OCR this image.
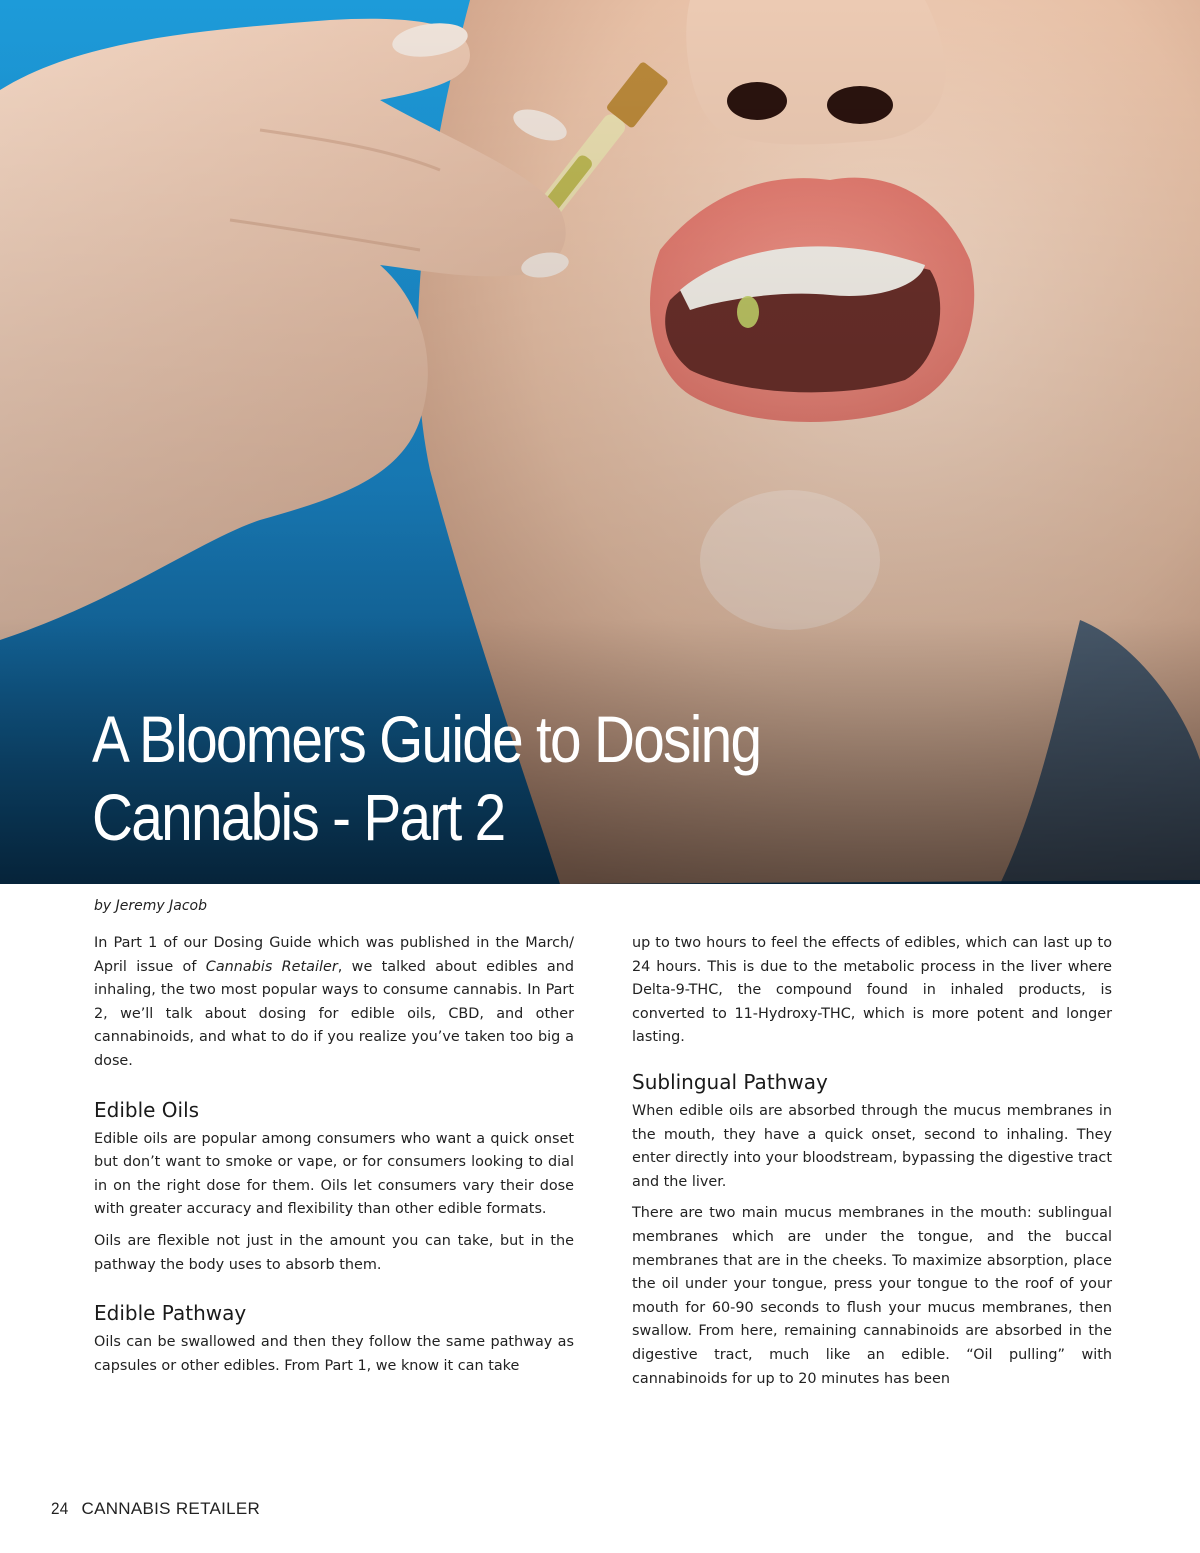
A Bloomers Guide to Dosing
Cannabis - Part 2
by Jeremy Jacob

In Part 1 of our Dosing Guide which was published in the March/ April issue of Cannabis Retailer, we talked about edibles and inhaling, the two most popular ways to consume cannabis. In Part 2, we’ll talk about dosing for edible oils, CBD, and other cannabinoids, and what to do if you realize you’ve taken too big a dose.

Edible Oils

Edible oils are popular among consumers who want a quick onset but don’t want to smoke or vape, or for consumers looking to dial in on the right dose for them. Oils let consumers vary their dose with greater accuracy and flexibility than other edible formats.

Oils are flexible not just in the amount you can take, but in the pathway the body uses to absorb them.

Edible Pathway

Oils can be swallowed and then they follow the same pathway as capsules or other edibles. From Part 1, we know it can take

up to two hours to feel the effects of edibles, which can last up to 24 hours. This is due to the metabolic process in the liver where Delta-9-THC, the compound found in inhaled products, is converted to 11-Hydroxy-THC, which is more potent and longer lasting.

Sublingual Pathway

When edible oils are absorbed through the mucus membranes in the mouth, they have a quick onset, second to inhaling. They enter directly into your bloodstream, bypassing the digestive tract and the liver.

There are two main mucus membranes in the mouth: sublingual membranes which are under the tongue, and the buccal membranes that are in the cheeks. To maximize absorption, place the oil under your tongue, press your tongue to the roof of your mouth for 60-90 seconds to flush your mucus membranes, then swallow. From here, remaining cannabinoids are absorbed in the digestive tract, much like an edible. “Oil pulling” with cannabinoids for up to 20 minutes has been

24 CANNABIS RETAILER
